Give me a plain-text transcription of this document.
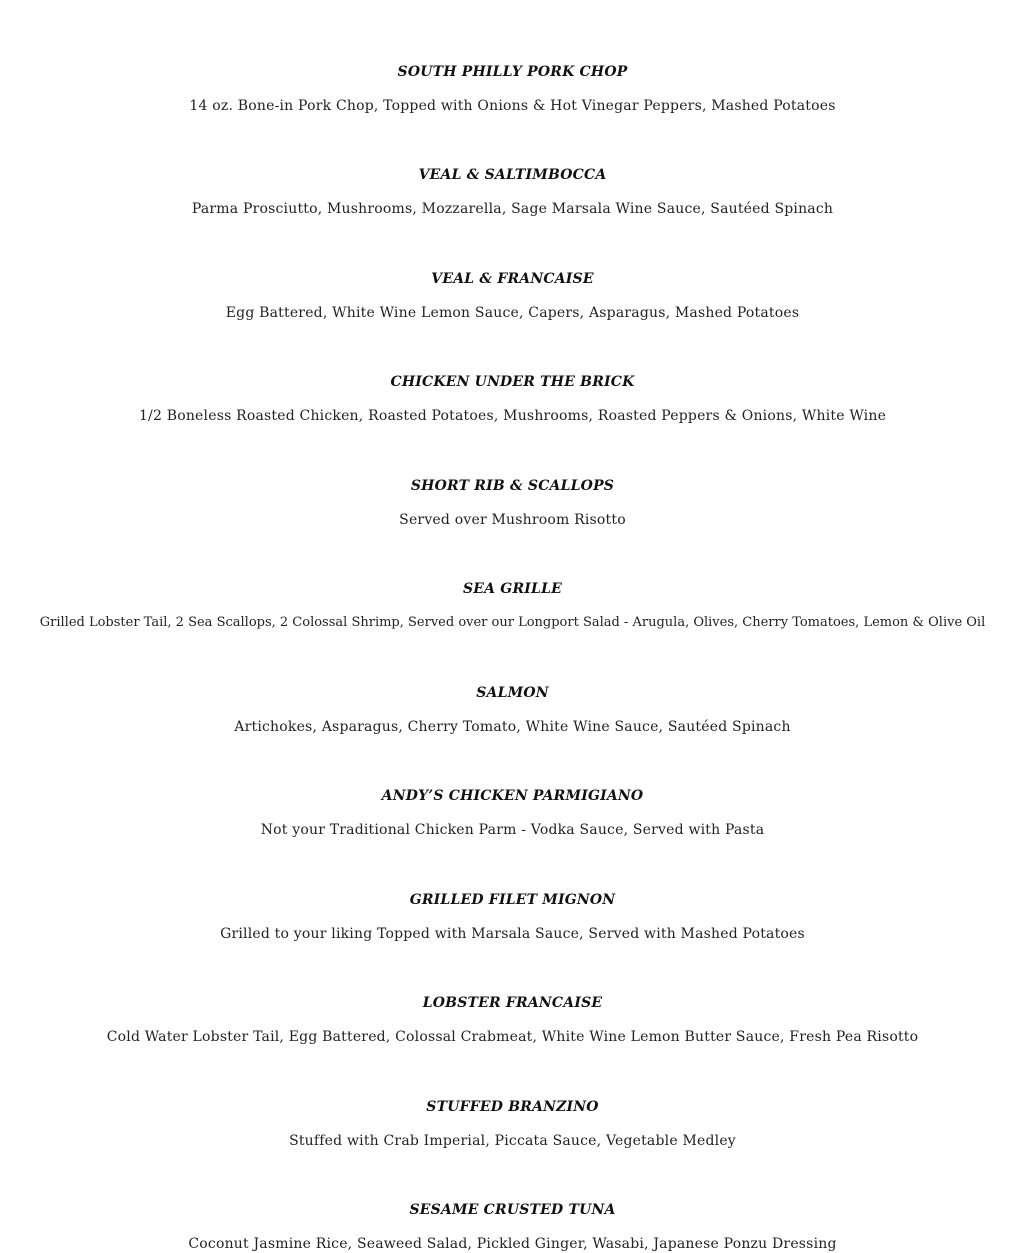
SOUTH PHILLY PORK CHOP
14 oz. Bone-in Pork Chop, Topped with Onions & Hot Vinegar Peppers, Mashed Potatoes
VEAL & SALTIMBOCCA
Parma Prosciutto, Mushrooms, Mozzarella, Sage Marsala Wine Sauce, Sautéed Spinach
VEAL & FRANCAISE
Egg Battered, White Wine Lemon Sauce, Capers, Asparagus, Mashed Potatoes
CHICKEN UNDER THE BRICK
1/2 Boneless Roasted Chicken, Roasted Potatoes, Mushrooms, Roasted Peppers & Onions, White Wine
SHORT RIB & SCALLOPS
Served over Mushroom Risotto
SEA GRILLE
Grilled Lobster Tail, 2 Sea Scallops, 2 Colossal Shrimp, Served over our Longport Salad - Arugula, Olives, Cherry Tomatoes, Lemon & Olive Oil
SALMON
Artichokes, Asparagus, Cherry Tomato, White Wine Sauce, Sautéed Spinach
ANDY’S CHICKEN PARMIGIANO
Not your Traditional Chicken Parm - Vodka Sauce, Served with Pasta
GRILLED FILET MIGNON
Grilled to your liking Topped with Marsala Sauce, Served with Mashed Potatoes
LOBSTER FRANCAISE
Cold Water Lobster Tail, Egg Battered, Colossal Crabmeat, White Wine Lemon Butter Sauce, Fresh Pea Risotto
STUFFED BRANZINO
Stuffed with Crab Imperial, Piccata Sauce, Vegetable Medley
SESAME CRUSTED TUNA
Coconut Jasmine Rice, Seaweed Salad, Pickled Ginger, Wasabi, Japanese Ponzu Dressing
